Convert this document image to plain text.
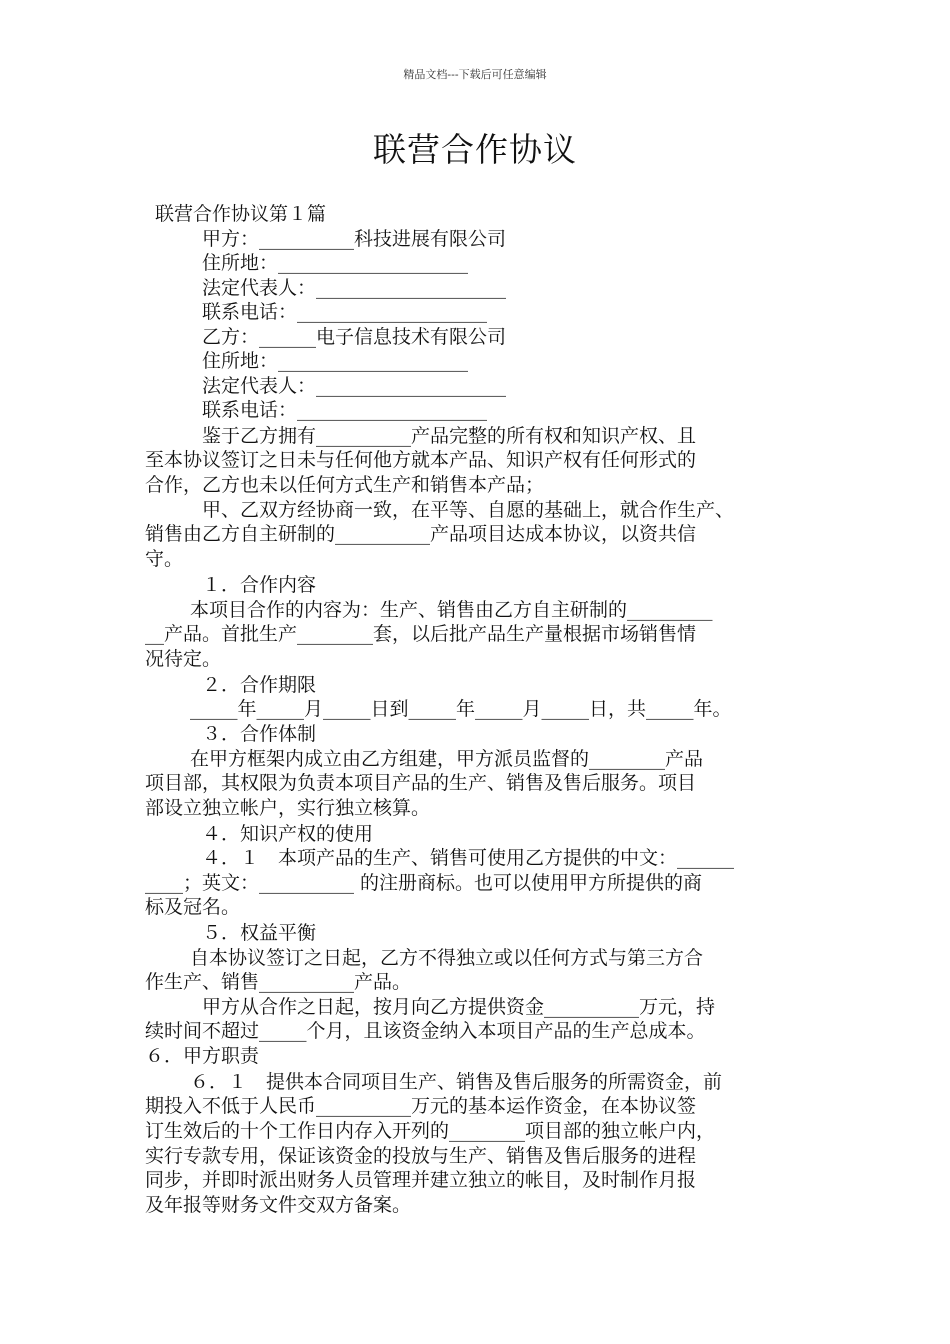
精品文档---下载后可任意编辑
联营合作协议
联营合作协议第１篇
甲方：__________科技进展有限公司
住所地：____________________
法定代表人：____________________
联系电话：____________________
乙方：______电子信息技术有限公司
住所地：____________________
法定代表人：____________________
联系电话：____________________
鉴于乙方拥有__________产品完整的所有权和知识产权、且
至本协议签订之日未与任何他方就本产品、知识产权有任何形式的
合作，乙方也未以任何方式生产和销售本产品；
甲、乙双方经协商一致，在平等、自愿的基础上，就合作生产、
销售由乙方自主研制的__________产品项目达成本协议，以资共信
守。
１．合作内容
本项目合作的内容为：生产、销售由乙方自主研制的_________
__产品。首批生产________套，以后批产品生产量根据市场销售情
况待定。
２．合作期限
_____年_____月_____日到_____年_____月_____日，共_____年。
３．合作体制
在甲方框架内成立由乙方组建，甲方派员监督的________产品
项目部，其权限为负责本项目产品的生产、销售及售后服务。项目
部设立独立帐户，实行独立核算。
４．知识产权的使用
４．１　本项产品的生产、销售可使用乙方提供的中文：______
____；英文：__________ 的注册商标。也可以使用甲方所提供的商
标及冠名。
５．权益平衡
自本协议签订之日起，乙方不得独立或以任何方式与第三方合
作生产、销售__________产品。
甲方从合作之日起，按月向乙方提供资金__________万元，持
续时间不超过_____个月，且该资金纳入本项目产品的生产总成本。
６．甲方职责
６．１　提供本合同项目生产、销售及售后服务的所需资金，前
期投入不低于人民币__________万元的基本运作资金，在本协议签
订生效后的十个工作日内存入开列的________项目部的独立帐户内，
实行专款专用，保证该资金的投放与生产、销售及售后服务的进程
同步，并即时派出财务人员管理并建立独立的帐目，及时制作月报
及年报等财务文件交双方备案。
